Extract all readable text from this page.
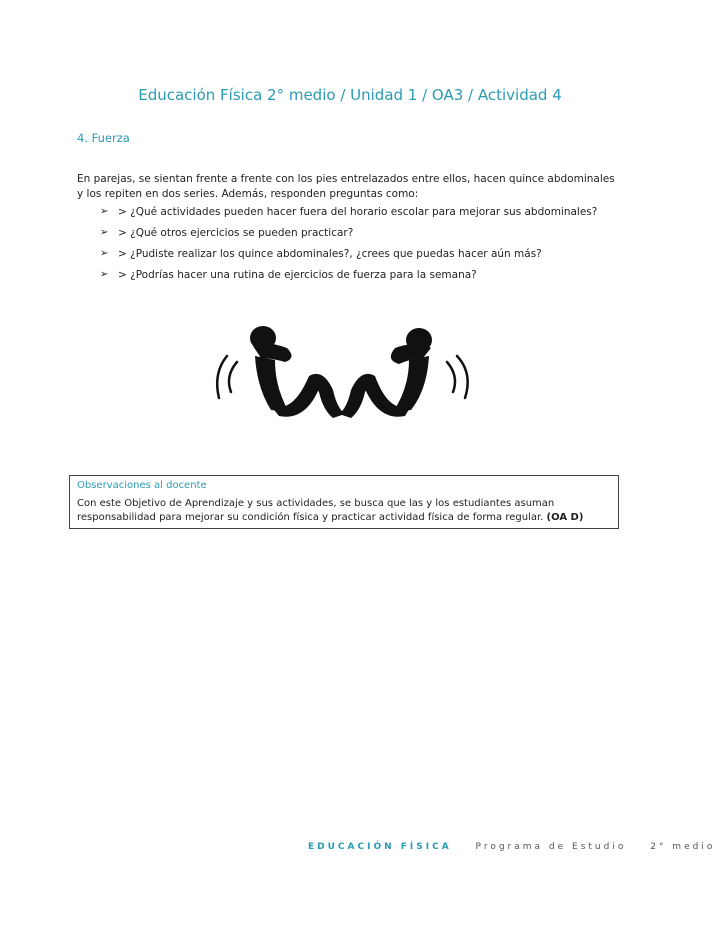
Educación Física 2° medio / Unidad 1 / OA3 / Actividad 4
4. Fuerza
En parejas, se sientan frente a frente con los pies entrelazados entre ellos, hacen quince abdominales y los repiten en dos series. Además, responden preguntas como:
➢ > ¿Qué actividades pueden hacer fuera del horario escolar para mejorar sus abdominales?
➢ > ¿Qué otros ejercicios se pueden practicar?
➢ > ¿Pudiste realizar los quince abdominales?, ¿crees que puedas hacer aún más?
➢ > ¿Podrías hacer una rutina de ejercicios de fuerza para la semana?
Observaciones al docente
Con este Objetivo de Aprendizaje y sus actividades, se busca que las y los estudiantes asuman responsabilidad para mejorar su condición física y practicar actividad física de forma regular. (OA D)
EDUCACIÓN FÍSICA	Programa de Estudio	2° medio
